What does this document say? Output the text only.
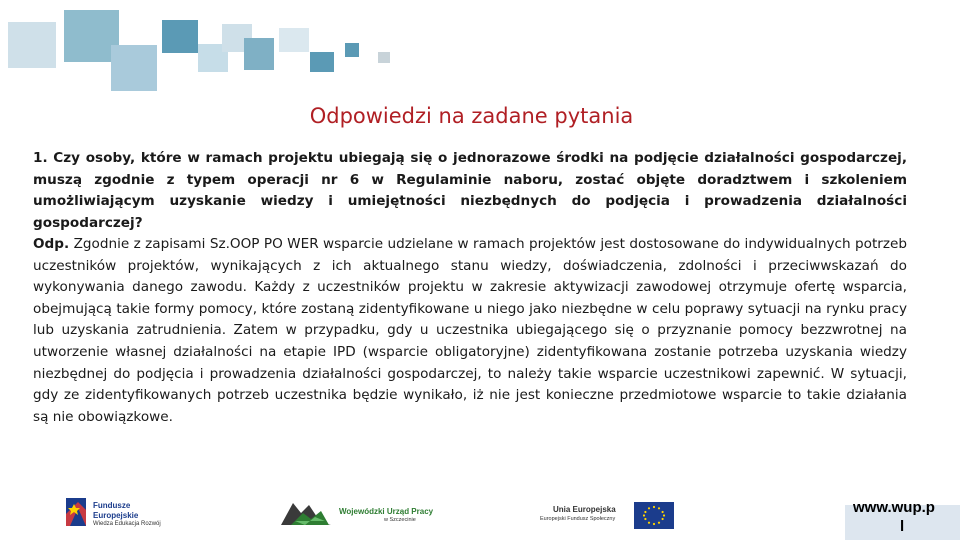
Odpowiedzi na zadane pytania

1. Czy osoby, które w ramach projektu ubiegają się o jednorazowe środki na podjęcie działalności gospodarczej, muszą zgodnie z typem operacji nr 6 w Regulaminie naboru, zostać objęte doradztwem i szkoleniem umożliwiającym uzyskanie wiedzy i umiejętności niezbędnych do podjęcia i prowadzenia działalności gospodarczej?

Odp. Zgodnie z zapisami Sz.OOP PO WER wsparcie udzielane w ramach projektów jest dostosowane do indywidualnych potrzeb uczestników projektów, wynikających z ich aktualnego stanu wiedzy, doświadczenia, zdolności i przeciwwskazań do wykonywania danego zawodu. Każdy z uczestników projektu w zakresie aktywizacji zawodowej otrzymuje ofertę wsparcia, obejmującą takie formy pomocy, które zostaną zidentyfikowane u niego jako niezbędne w celu poprawy sytuacji na rynku pracy lub uzyskania zatrudnienia. Zatem w przypadku, gdy u uczestnika ubiegającego się o przyznanie pomocy bezzwrotnej na utworzenie własnej działalności na etapie IPD (wsparcie obligatoryjne) zidentyfikowana zostanie potrzeba uzyskania wiedzy niezbędnej do podjęcia i prowadzenia działalności gospodarczej, to należy takie wsparcie uczestnikowi zapewnić. W sytuacji, gdy ze zidentyfikowanych potrzeb uczestnika będzie wynikało, iż nie jest konieczne przedmiotowe wsparcie to takie działania są nie obowiązkowe.

Fundusze
Europejskie
Wiedza Edukacja Rozwój
Wojewódzki Urząd Pracy
w Szczecinie
Unia Europejska
Europejski Fundusz Społeczny
www.wup.p
l
